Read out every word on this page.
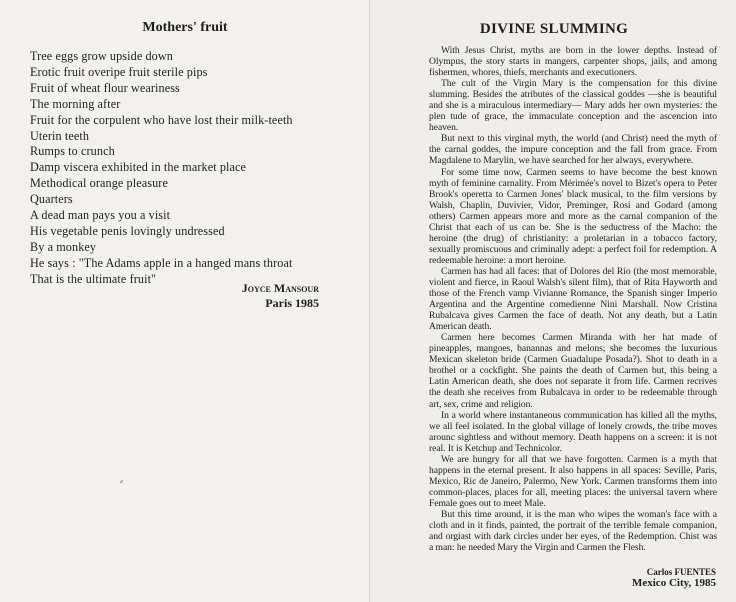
Mothers' fruit
Tree eggs grow upside down
Erotic fruit overipe fruit sterile pips
Fruit of wheat flour weariness
The morning after
Fruit for the corpulent who have lost their milk-teeth
Uterin teeth
Rumps to crunch
Damp viscera exhibited in the market place
Methodical orange pleasure
Quarters
A dead man pays you a visit
His vegetable penis lovingly undressed
By a monkey
He says : "The Adams apple in a hanged mans throat
That is the ultimate fruit"
Joyce Mansour
Paris 1985
⸗
DIVINE SLUMMING

With Jesus Christ, myths are born in the lower depths. Instead of Olympus, the story starts in mangers, carpenter shops, jails, and among fishermen, whores, thiefs, merchants and executioners.

The cult of the Virgin Mary is the compensation for this divine slumming. Besides the atributes of the classical goddes —she is beautiful and she is a miraculous intermediary— Mary adds her own mysteries: the plen tude of grace, the immaculate conception and the ascencion into heaven.

But next to this virginal myth, the world (and Christ) need the myth of the carnal goddes, the impure conception and the fall from grace. From Magdalene to Marylin, we have searched for her always, everywhere.

For some time now, Carmen seems to have become the best known myth of feminine carnality. From Mérimée's novel to Bizet's opera to Peter Brook's operetta to Carmen Jones' black musical, to the film versions by Walsh, Chaplin, Duvivier, Vidor, Preminger, Rosi and Godard (among others) Carmen appears more and more as the carnal companion of the Christ that each of us can be. She is the seductress of the Macho: the heroine (the drug) of christianity: a proletarian in a tobacco factory, sexually promiscuous and criminally adept: a perfect foil for redemption. A redeemable heroine: a mort heroine.

Carmen has had all faces: that of Dolores del Río (the most memorable, violent and fierce, in Raoul Walsh's silent film), that of Rita Hayworth and those of the French vamp Vivianne Romance, the Spanish singer Imperio Argentina and the Argentine comedienne Nini Marshall. Now Cristina Rubalcava gives Carmen the face of death. Not any death, but a Latin American death.

Carmen here becomes Carmen Miranda with her hat made of pineapples, mangoes, banannas and melons; she becomes the luxurious Mexican skeleton bride (Carmen Guadalupe Posada?). Shot to death in a brothel or a cockfight. She paints the death of Carmen but, this being a Latin American death, she does not separate it from life. Carmen recrives the death she receives from Rubalcava in order to be redeemable through art, sex, crime and religion.

In a world where instantaneous communication has killed all the myths, we all feel isolated. In the global village of lonely crowds, the tribe moves arounc sightless and without memory. Death happens on a screen: it is not real. It is Ketchup and Technicolor.

We are hungry for all that we have forgotten. Carmen is a myth that happens in the eternal present. It also happens in all spaces: Seville, Paris, Mexico, Ric de Janeiro, Palermo, New York. Carmen transforms them into common-places, places for all, meeting places: the universal tavern where Female goes out to meet Male.

But this time around, it is the man who wipes the woman's face with a cloth and in it finds, painted, the portrait of the terrible female companion, and orgiast with dark circles under her eyes, of the Redemption. Chist was a man: he needed Mary the Virgin and Carmen the Flesh.

Carlos FUENTES
Mexico City, 1985
